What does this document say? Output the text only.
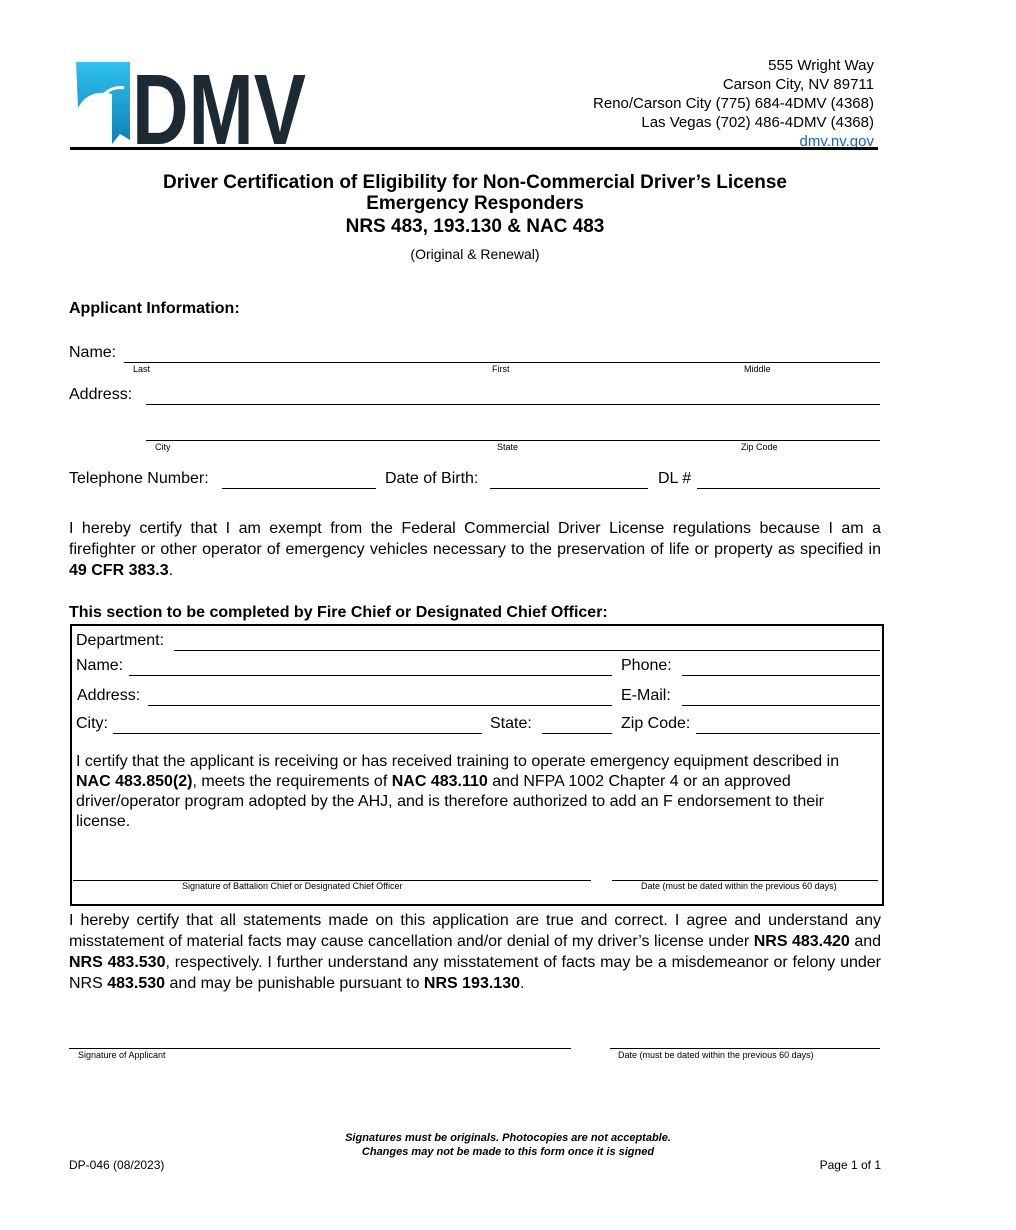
DMV	555 Wright Way
Carson City, NV 89711
Reno/Carson City (775) 684-4DMV (4368)
Las Vegas (702) 486-4DMV (4368)
dmv.nv.gov
Driver Certification of Eligibility for Non-Commercial Driver’s License
Emergency Responders
NRS 483, 193.130 & NAC 483
(Original & Renewal)
Applicant Information:
Name:
Last	First	Middle
Address:
City	State	Zip Code
Telephone Number:	Date of Birth:	DL #
I hereby certify that I am exempt from the Federal Commercial Driver License regulations because I am a firefighter or other operator of emergency vehicles necessary to the preservation of life or property as specified in 49 CFR 383.3.
This section to be completed by Fire Chief or Designated Chief Officer:
Department:
Name:	Phone:
Address:	E-Mail:
City:	State:	Zip Code:
I certify that the applicant is receiving or has received training to operate emergency equipment described in NAC 483.850(2), meets the requirements of NAC 483.110 and NFPA 1002 Chapter 4 or an approved driver/operator program adopted by the AHJ, and is therefore authorized to add an F endorsement to their license.
Signature of Battalion Chief or Designated Chief Officer	Date (must be dated within the previous 60 days)
I hereby certify that all statements made on this application are true and correct. I agree and understand any misstatement of material facts may cause cancellation and/or denial of my driver’s license under NRS 483.420 and NRS 483.530, respectively. I further understand any misstatement of facts may be a misdemeanor or felony under NRS 483.530 and may be punishable pursuant to NRS 193.130.
Signature of Applicant	Date (must be dated within the previous 60 days)
Signatures must be originals. Photocopies are not acceptable.
Changes may not be made to this form once it is signed
DP-046 (08/2023)	Page 1 of 1
